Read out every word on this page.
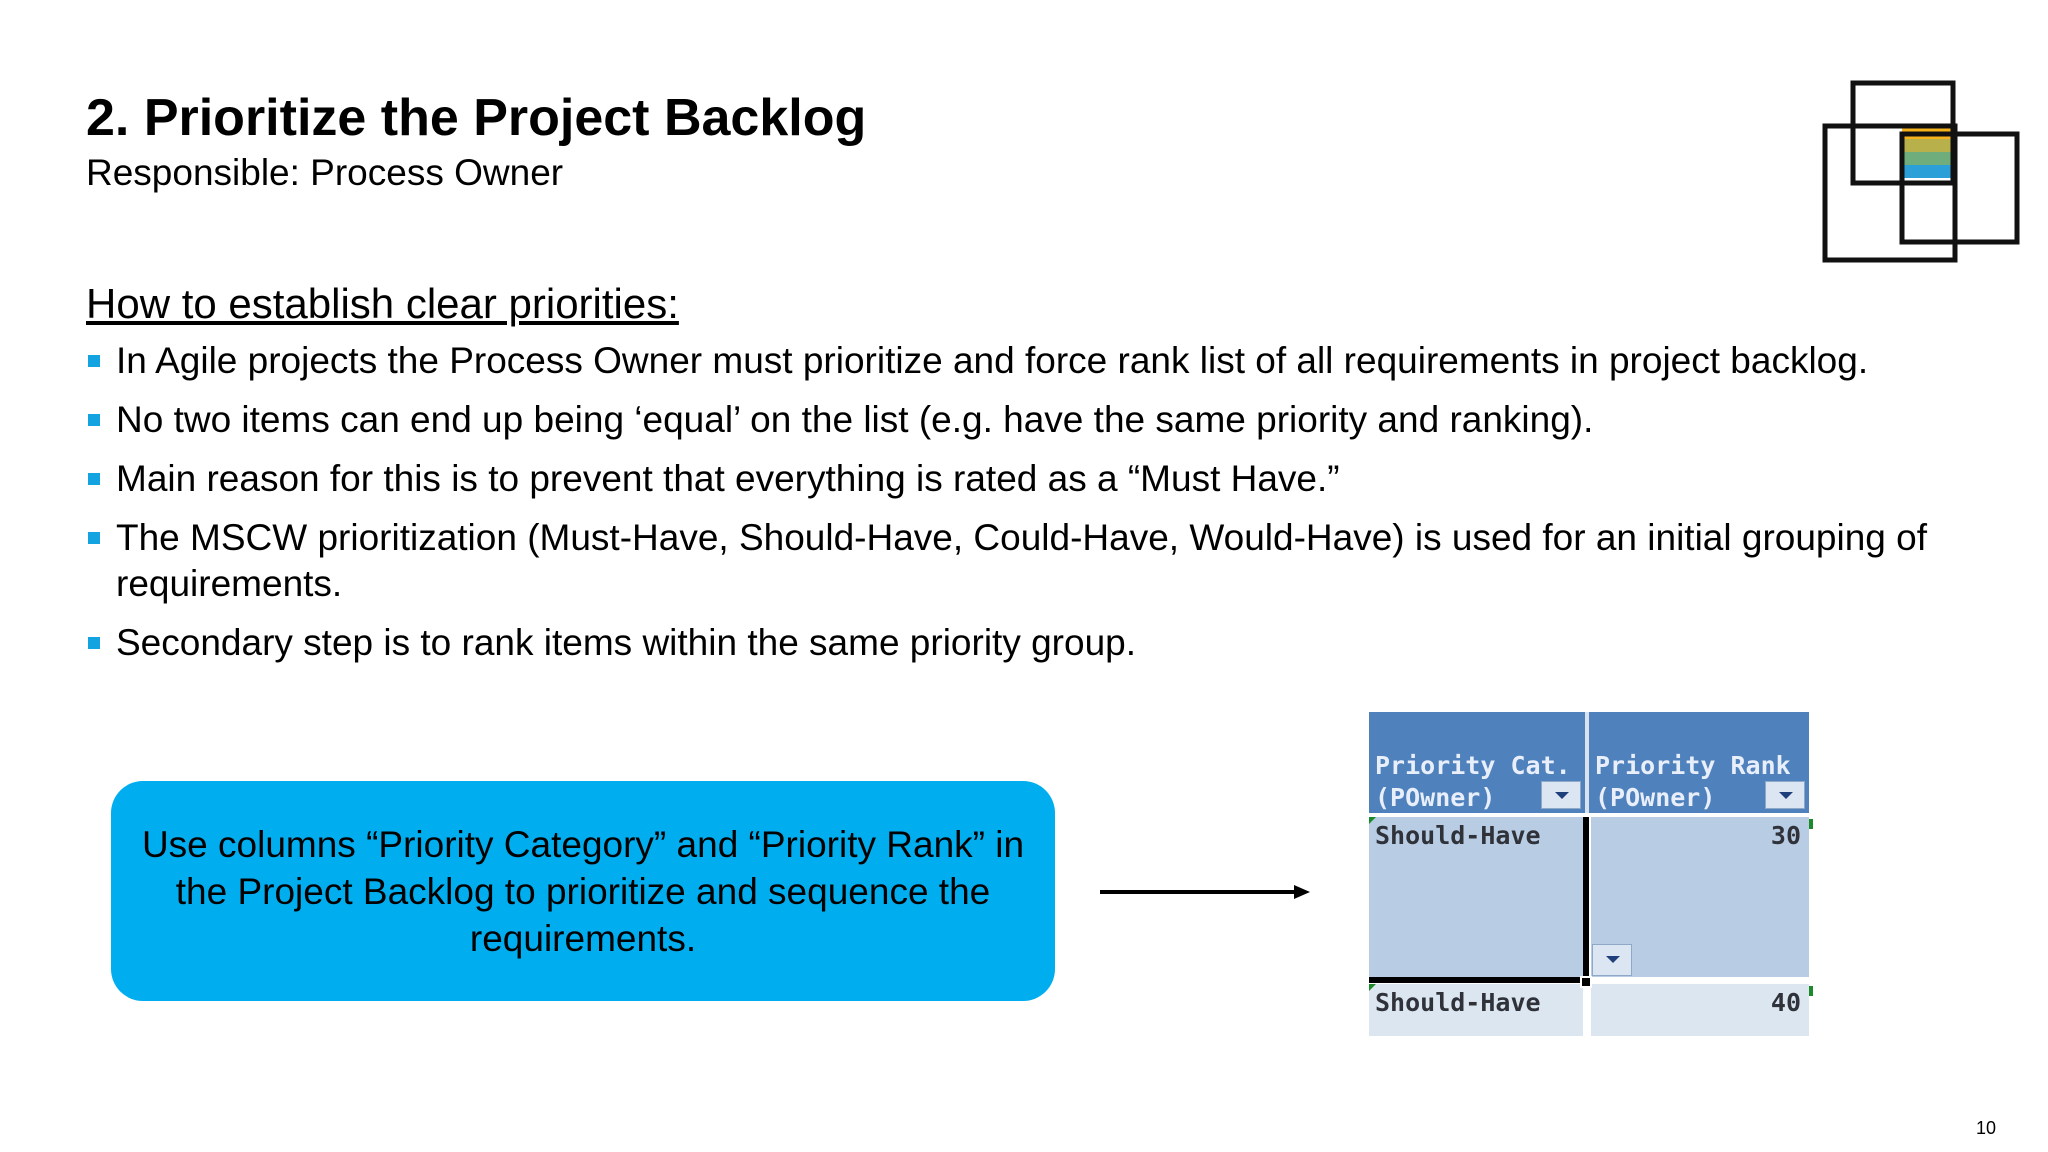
2. Prioritize the Project Backlog
Responsible: Process Owner
How to establish clear priorities:
In Agile projects the Process Owner must prioritize and force rank list of all requirements in project backlog.
No two items can end up being ‘equal’ on the list (e.g. have the same priority and ranking).
Main reason for this is to prevent that everything is rated as a “Must Have.”
The MSCW prioritization (Must-Have, Should-Have, Could-Have, Would-Have) is used for an initial grouping of requirements.
Secondary step is to rank items within the same priority group.
Use columns “Priority Category” and “Priority Rank” in the Project Backlog to prioritize and sequence the requirements.

Priority Cat.
(POwner)

Priority Rank
(POwner)

Should-Have	30
Should-Have	40
10
